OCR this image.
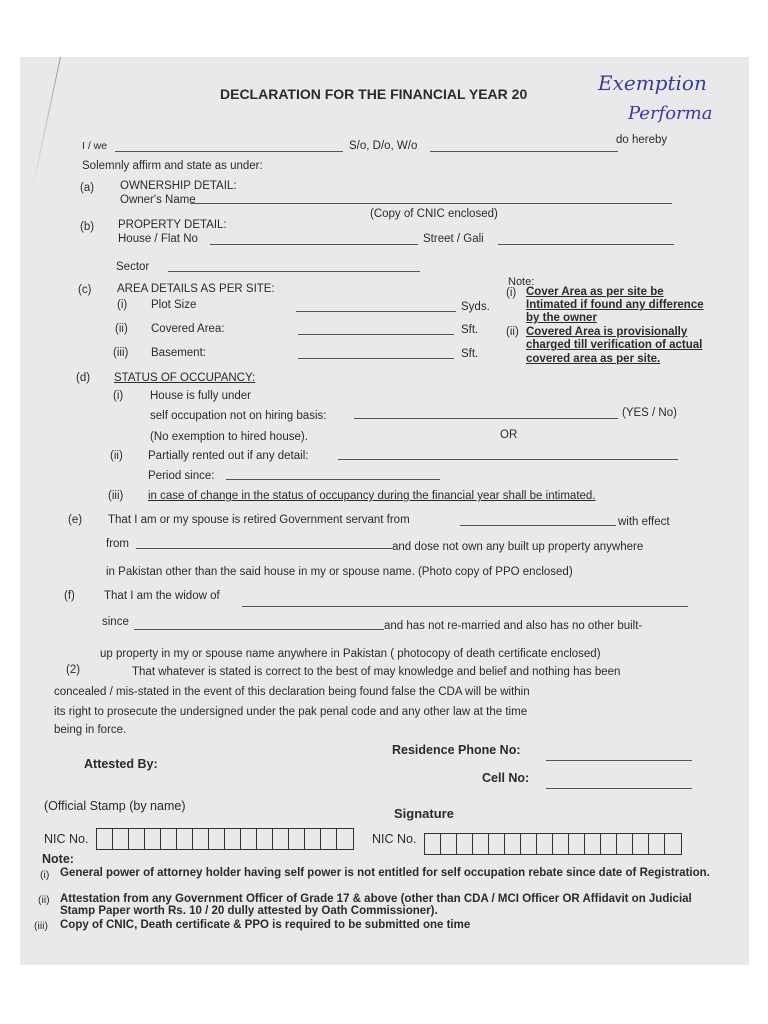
DECLARATION FOR THE FINANCIAL YEAR 20	Exemption
Performa
I / we	S/o, D/o, W/o	do hereby
Solemnly affirm and state as under:
(a) OWNERSHIP DETAIL:
Owner's Name
(Copy of CNIC enclosed)
(b) PROPERTY DETAIL:
House / Flat No	Street / Gali
Sector
(c) AREA DETAILS AS PER SITE:
(i) Plot Size	Syds.
(ii) Covered Area:	Sft.
(iii) Basement:	Sft.
Note:
(i) Cover Area as per site be
Intimated if found any difference
by the owner
(ii) Covered Area is provisionally
charged till verification of actual
covered area as per site.
(d) STATUS OF OCCUPANCY:
(i) House is fully under
self occupation not on hiring basis:	(YES / No)
(No exemption to hired house).	OR
(ii) Partially rented out if any detail:
Period since:
(iii) in case of change in the status of occupancy during the financial year shall be intimated.
(e) That I am or my spouse is retired Government servant from	with effect
from	and dose not own any built up property anywhere
in Pakistan other than the said house in my or spouse name. (Photo copy of PPO enclosed)
(f)	That I am the widow of
since	and has not re-married and also has no other built-
up property in my or spouse name anywhere in Pakistan ( photocopy of death certificate enclosed)
(2)	That whatever is stated is correct to the best of may knowledge and belief and nothing has been
concealed / mis-stated in the event of this declaration being found false the CDA will be within
its right to prosecute the undersigned under the pak penal code and any other law at the time
being in force.
Residence Phone No:
Attested By:
Cell No:
(Official Stamp (by name)	Signature
NIC No.	NIC No.
Note:
(i) General power of attorney holder having self power is not entitled for self occupation rebate since date of Registration.
(ii) Attestation from any Government Officer of Grade 17 & above (other than CDA / MCI Officer OR Affidavit on Judicial
Stamp Paper worth Rs. 10 / 20 dully attested by Oath Commissioner).
(iii) Copy of CNIC, Death certificate & PPO is required to be submitted one time
